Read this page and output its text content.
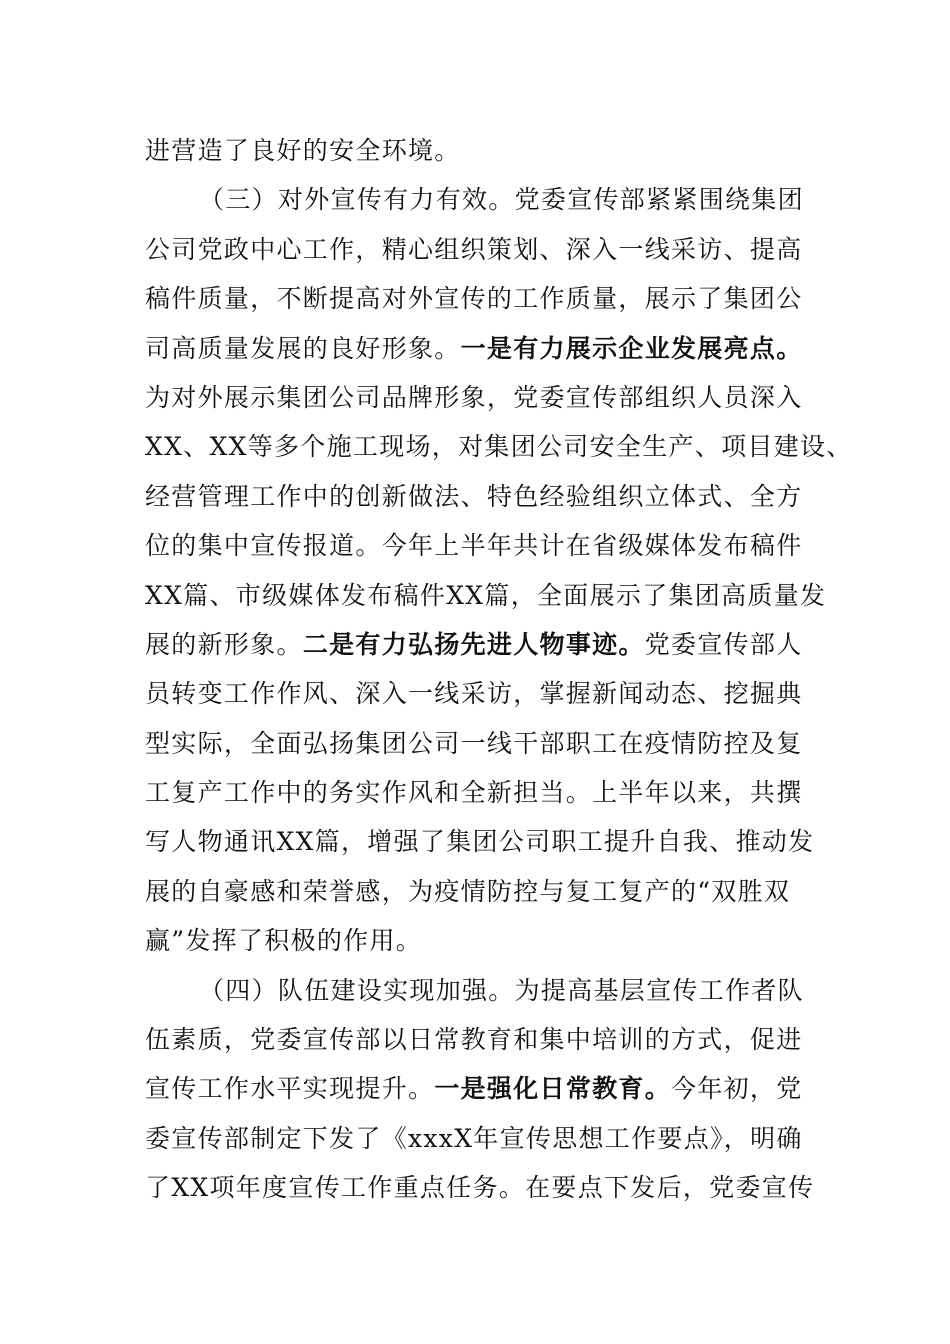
进营造了良好的安全环境。
（三）对外宣传有力有效。党委宣传部紧紧围绕集团
公司党政中心工作，精心组织策划、深入一线采访、提高
稿件质量，不断提高对外宣传的工作质量，展示了集团公
司高质量发展的良好形象。一是有力展示企业发展亮点。
为对外展示集团公司品牌形象，党委宣传部组织人员深入
XX、XX等多个施工现场，对集团公司安全生产、项目建设、
经营管理工作中的创新做法、特色经验组织立体式、全方
位的集中宣传报道。今年上半年共计在省级媒体发布稿件
XX篇、市级媒体发布稿件XX篇，全面展示了集团高质量发
展的新形象。二是有力弘扬先进人物事迹。党委宣传部人
员转变工作作风、深入一线采访，掌握新闻动态、挖掘典
型实际，全面弘扬集团公司一线干部职工在疫情防控及复
工复产工作中的务实作风和全新担当。上半年以来，共撰
写人物通讯XX篇，增强了集团公司职工提升自我、推动发
展的自豪感和荣誉感，为疫情防控与复工复产的“双胜双
赢”发挥了积极的作用。
（四）队伍建设实现加强。为提高基层宣传工作者队
伍素质，党委宣传部以日常教育和集中培训的方式，促进
宣传工作水平实现提升。一是强化日常教育。今年初，党
委宣传部制定下发了《xxxX年宣传思想工作要点》，明确
了XX项年度宣传工作重点任务。在要点下发后，党委宣传
